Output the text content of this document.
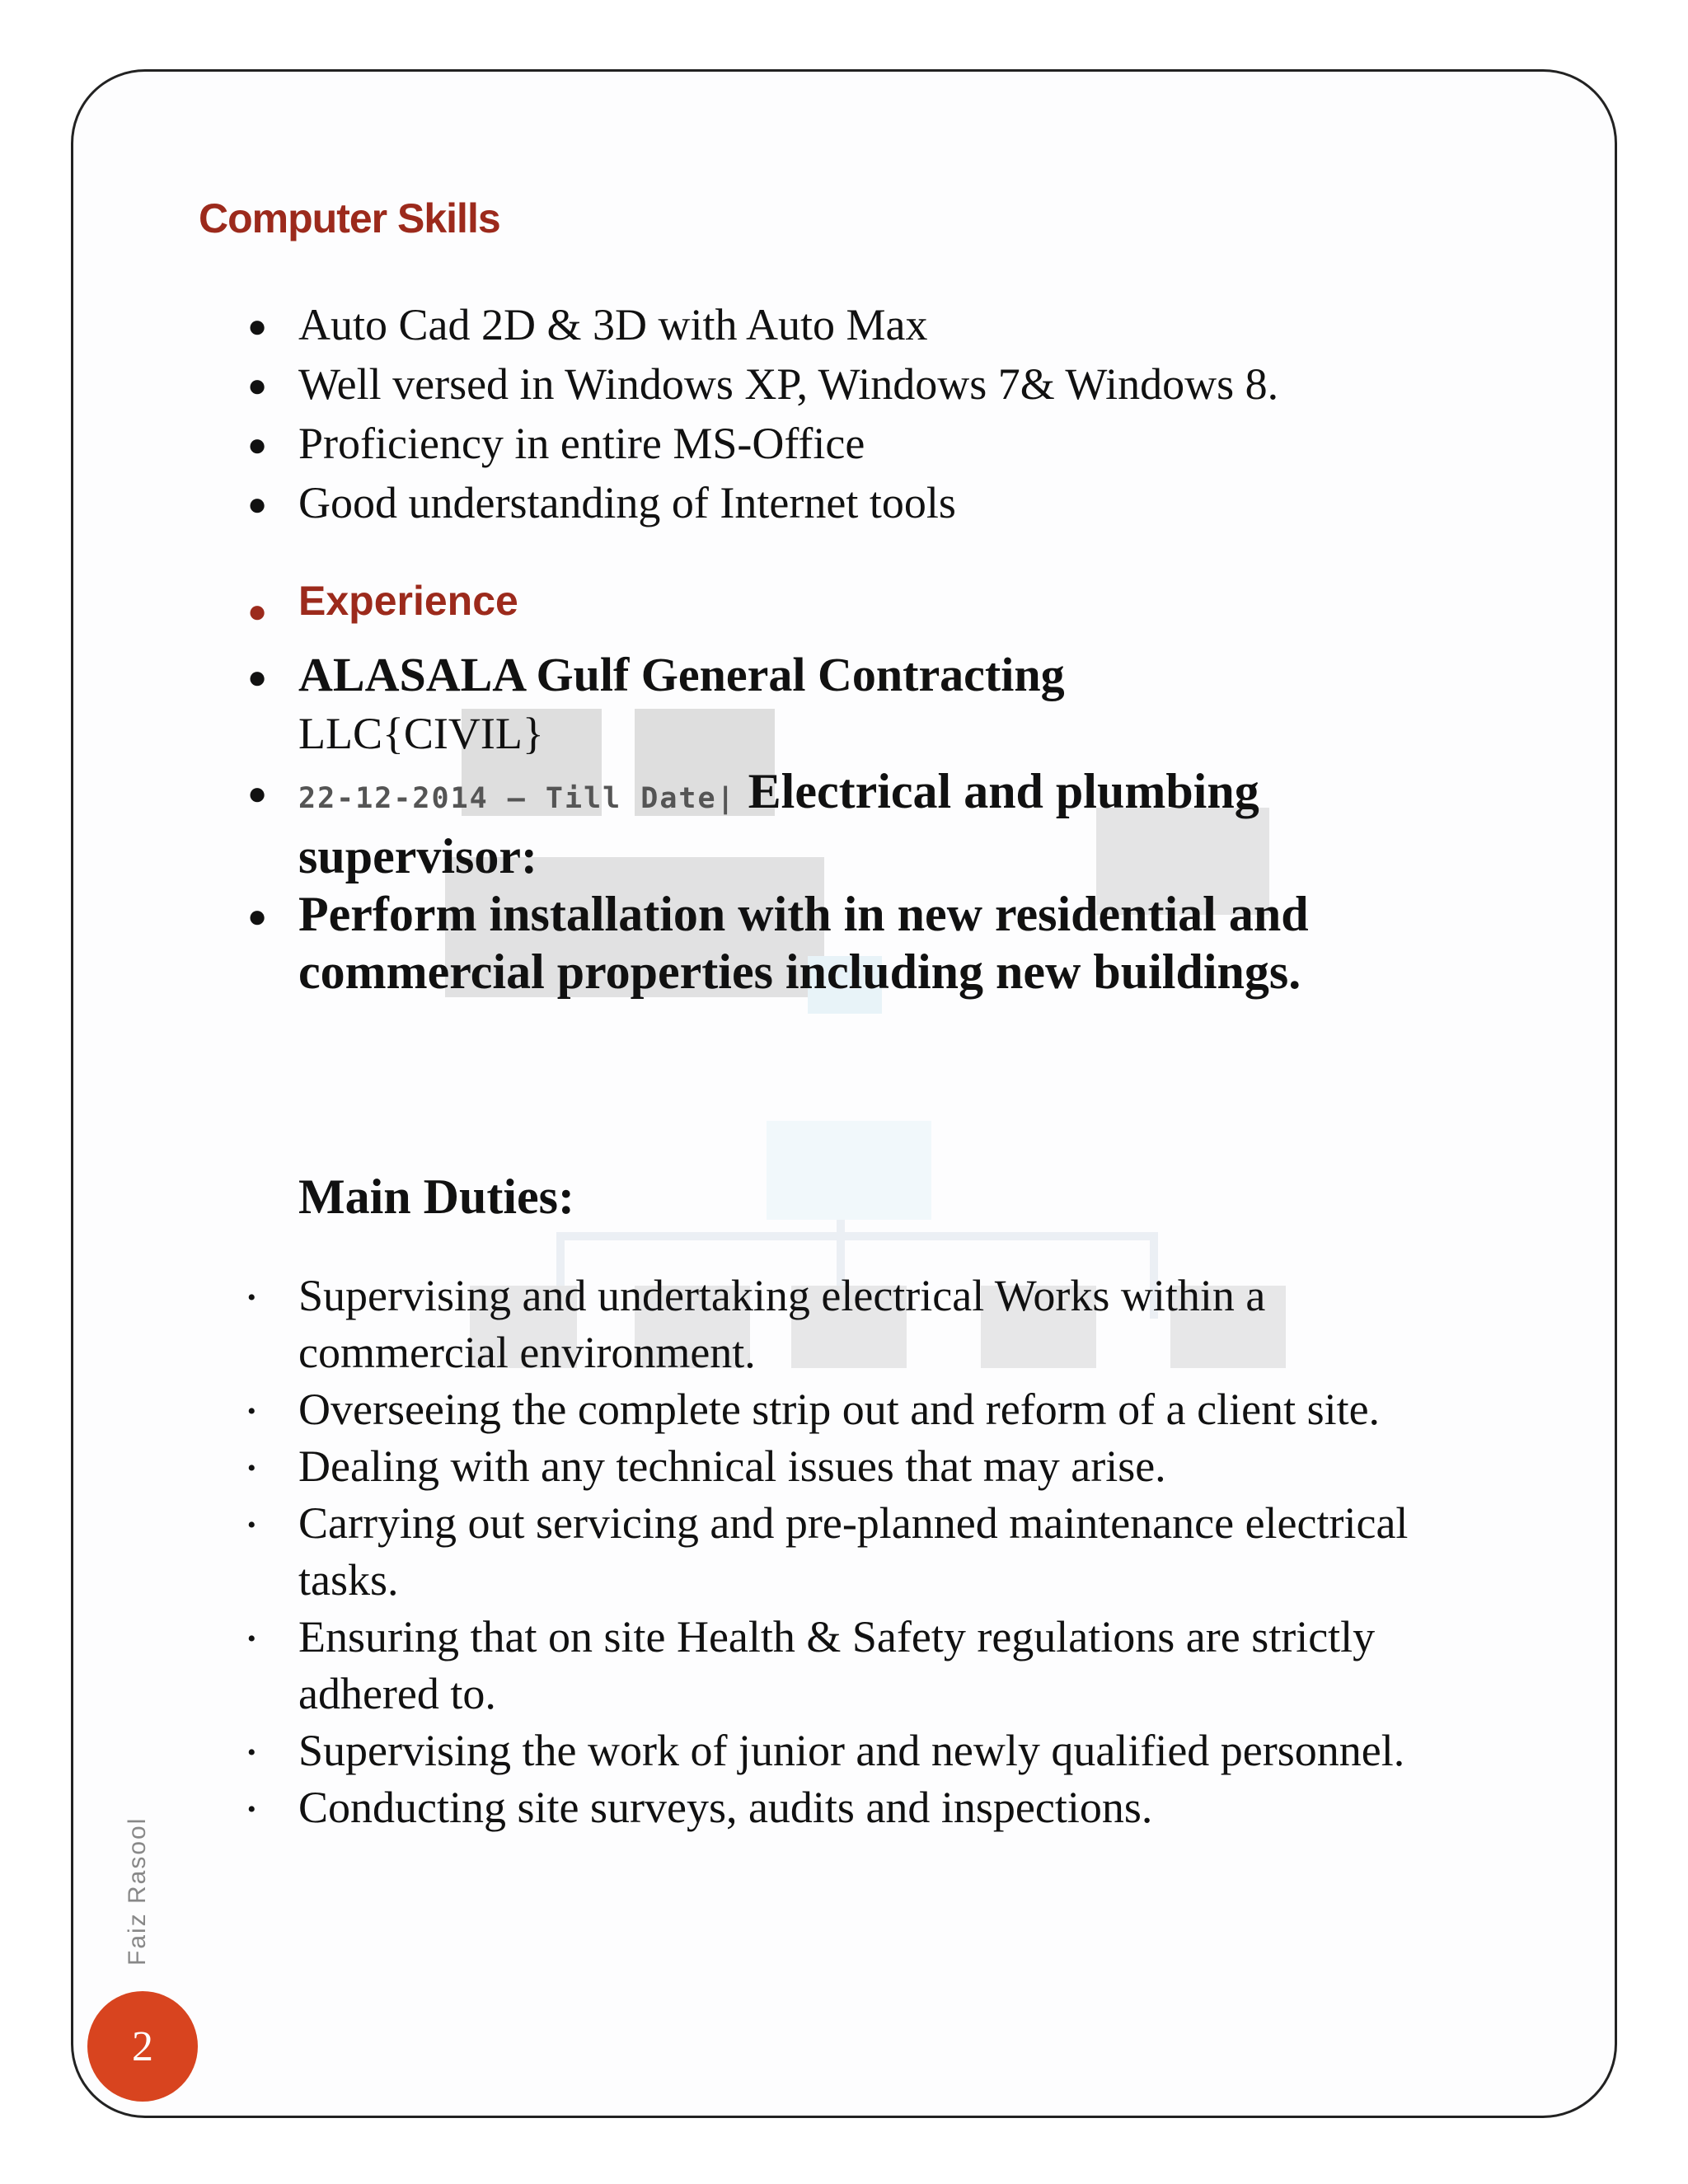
Computer Skills
● Auto Cad 2D & 3D with Auto Max
● Well versed in Windows XP, Windows 7& Windows 8.
● Proficiency in entire MS-Office
● Good understanding of Internet tools
● Experience
● ALASALA Gulf General Contracting
LLC{CIVIL}
● 22-12-2014 – Till Date| Electrical and plumbing
supervisor:
● Perform installation with in new residential and commercial properties including new buildings.
Main Duties:
• Supervising and undertaking electrical Works within a commercial environment.
• Overseeing the complete strip out and reform of a client site.
• Dealing with any technical issues that may arise.
• Carrying out servicing and pre-planned maintenance electrical tasks.
• Ensuring that on site Health & Safety regulations are strictly adhered to.
• Supervising the work of junior and newly qualified personnel.
• Conducting site surveys, audits and inspections.
Faiz Rasool
2
